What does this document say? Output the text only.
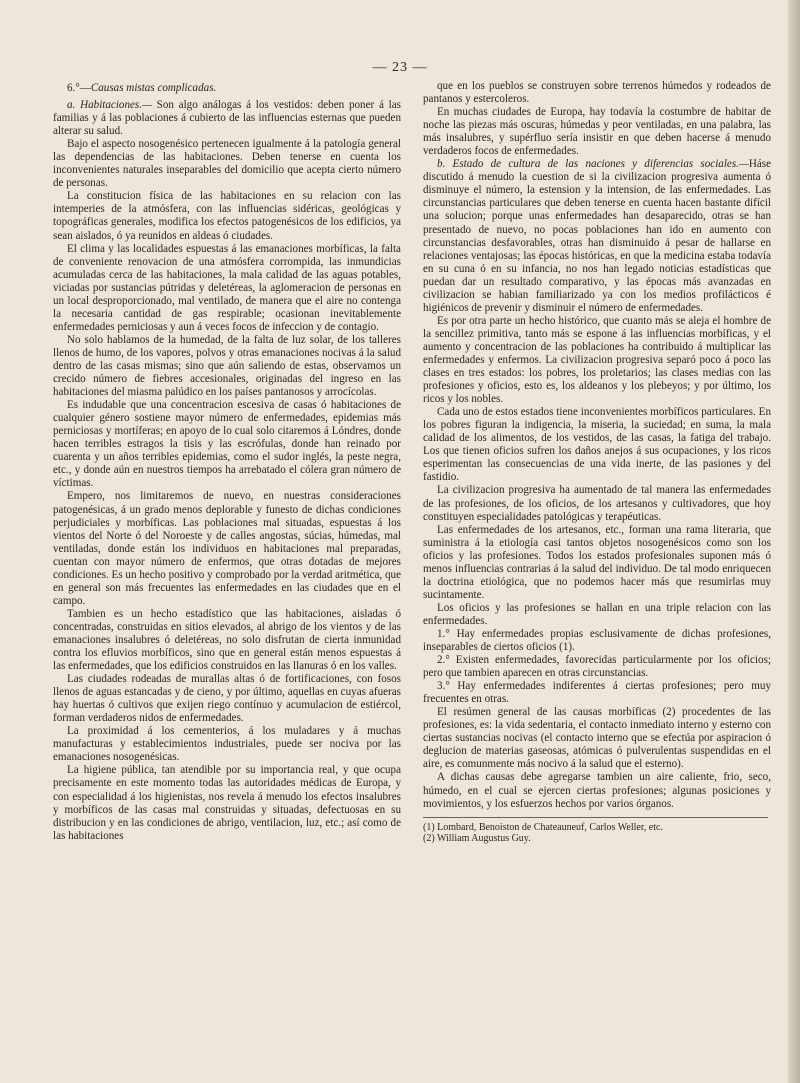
— 23 —

6.°—Causas mistas complicadas.

a. Habitaciones.— Son algo análogas á los vestidos: deben poner á las familias y á las poblaciones á cubierto de las influencias esternas que pueden alterar su salud.

Bajo el aspecto nosogenésico pertenecen igualmente á la patología general las dependencias de las habitaciones. Deben tenerse en cuenta los inconvenientes naturales inseparables del domicilio que acepta cierto número de personas.

La constitucion física de las habitaciones en su relacion con las intemperies de la atmósfera, con las influencias sidéricas, geológicas y topográficas generales, modifica los efectos patogenésicos de los edificios, ya sean aislados, ó ya reunidos en aldeas ó ciudades.

El clima y las localidades espuestas á las emanaciones morbíficas, la falta de conveniente renovacion de una atmósfera corrompida, las inmundicias acumuladas cerca de las habitaciones, la mala calidad de las aguas potables, viciadas por sustancias pútridas y deletéreas, la aglomeracion de personas en un local desproporcionado, mal ventilado, de manera que el aire no contenga la necesaria cantidad de gas respirable; ocasionan inevitablemente enfermedades perniciosas y aun á veces focos de infeccion y de contagio.

No solo hablamos de la humedad, de la falta de luz solar, de los talleres llenos de humo, de los vapores, polvos y otras emanaciones nocivas á la salud dentro de las casas mismas; sino que aún saliendo de estas, observamos un crecido número de fiebres accesionales, originadas del ingreso en las habitaciones del miasma palúdico en los países pantanosos y arrocícolas.

Es indudable que una concentracion escesiva de casas ó habitaciones de cualquier género sostiene mayor número de enfermedades, epidemias más perniciosas y mortíferas; en apoyo de lo cual solo citaremos á Lóndres, donde hacen terribles estragos la tisis y las escrófulas, donde han reinado por cuarenta y un años terribles epidemias, como el sudor inglés, la peste negra, etc., y donde aún en nuestros tiempos ha arrebatado el cólera gran número de víctimas.

Empero, nos limitaremos de nuevo, en nuestras consideraciones patogenésicas, á un grado menos deplorable y funesto de dichas condiciones perjudiciales y morbíficas. Las poblaciones mal situadas, espuestas á los vientos del Norte ó del Noroeste y de calles angostas, súcias, húmedas, mal ventiladas, donde están los individuos en habitaciones mal preparadas, cuentan con mayor número de enfermos, que otras dotadas de mejores condiciones. Es un hecho positivo y comprobado por la verdad aritmética, que en general son más frecuentes las enfermedades en las ciudades que en el campo.

Tambien es un hecho estadístico que las habitaciones, aisladas ó concentradas, construidas en sitios elevados, al abrigo de los vientos y de las emanaciones insalubres ó deletéreas, no solo disfrutan de cierta inmunidad contra los efluvios morbíficos, sino que en general están menos espuestas á las enfermedades, que los edificios construidos en las llanuras ó en los valles.

Las ciudades rodeadas de murallas altas ó de fortificaciones, con fosos llenos de aguas estancadas y de cieno, y por último, aquellas en cuyas afueras hay huertas ó cultivos que exijen riego contínuo y acumulacion de estiércol, forman verdaderos nidos de enfermedades.

La proximidad á los cementerios, á los muladares y á muchas manufacturas y establecimientos industriales, puede ser nociva por las emanaciones nosogenésicas.

La higiene pública, tan atendible por su importancia real, y que ocupa precisamente en este momento todas las autoridades médicas de Europa, y con especialidad á los higienistas, nos revela á menudo los efectos insalubres y morbíficos de las casas mal construidas y situadas, defectuosas en su distribucion y en las condiciones de abrigo, ventilacion, luz, etc.; así como de las habitaciones

que en los pueblos se construyen sobre terrenos húmedos y rodeados de pantanos y estercoleros.

En muchas ciudades de Europa, hay todavía la costumbre de habitar de noche las piezas más oscuras, húmedas y peor ventiladas, en una palabra, las más insalubres, y supérfluo sería insistir en que deben hacerse á menudo verdaderos focos de enfermedades.

b. Estado de cultura de las naciones y diferencias sociales.—Háse discutido á menudo la cuestion de si la civilizacion progresiva aumenta ó disminuye el número, la estension y la intension, de las enfermedades. Las circunstancias particulares que deben tenerse en cuenta hacen bastante difícil una solucion; porque unas enfermedades han desaparecido, otras se han presentado de nuevo, no pocas poblaciones han ido en aumento con circunstancias desfavorables, otras han disminuido á pesar de hallarse en relaciones ventajosas; las épocas históricas, en que la medicina estaba todavía en su cuna ó en su infancia, no nos han legado noticias estadísticas que puedan dar un resultado comparativo, y las épocas más avanzadas en civilizacion se habian familiarizado ya con los medios profilácticos é higiénicos de prevenir y disminuir el número de enfermedades.

Es por otra parte un hecho histórico, que cuanto más se aleja el hombre de la sencillez primitiva, tanto más se espone á las influencias morbíficas, y el aumento y concentracion de las poblaciones ha contribuido á multiplicar las enfermedades y enfermos. La civilizacion progresiva separó poco á poco las clases en tres estados: los pobres, los proletarios; las clases medias con las profesiones y oficios, esto es, los aldeanos y los plebeyos; y por último, los ricos y los nobles.

Cada uno de estos estados tiene inconvenientes morbíficos particulares. En los pobres figuran la indigencia, la miseria, la suciedad; en suma, la mala calidad de los alimentos, de los vestidos, de las casas, la fatiga del trabajo. Los que tienen oficios sufren los daños anejos á sus ocupaciones, y los ricos esperimentan las consecuencias de una vida inerte, de las pasiones y del fastidio.

La civilizacion progresiva ha aumentado de tal manera las enfermedades de las profesiones, de los oficios, de los artesanos y cultivadores, que hoy constituyen especialidades patológicas y terapéuticas.

Las enfermedades de los artesanos, etc., forman una rama literaria, que suministra á la etiología casi tantos objetos nosogenésicos como son los oficios y las profesiones. Todos los estados profesionales suponen más ó menos influencias contrarias á la salud del individuo. De tal modo enriquecen la doctrina etiológica, que no podemos hacer más que resumirlas muy sucintamente.

Los oficios y las profesiones se hallan en una triple relacion con las enfermedades.

1.° Hay enfermedades propias esclusivamente de dichas profesiones, inseparables de ciertos oficios (1).

2.° Existen enfermedades, favorecidas particularmente por los oficios; pero que tambien aparecen en otras circunstancias.

3.° Hay enfermedades indiferentes á ciertas profesiones; pero muy frecuentes en otras.

El resúmen general de las causas morbíficas (2) procedentes de las profesiones, es: la vida sedentaria, el contacto inmediato interno y esterno con ciertas sustancias nocivas (el contacto interno que se efectúa por aspiracion ó deglucion de materias gaseosas, atómicas ó pulverulentas suspendidas en el aire, es comunmente más nocivo á la salud que el esterno).

A dichas causas debe agregarse tambien un aire caliente, frio, seco, húmedo, en el cual se ejercen ciertas profesiones; algunas posiciones y movimientos, y los esfuerzos hechos por varios órganos.

(1) Lombard, Benoiston de Chateauneuf, Carlos Weller, etc.

(2) William Augustus Guy.
